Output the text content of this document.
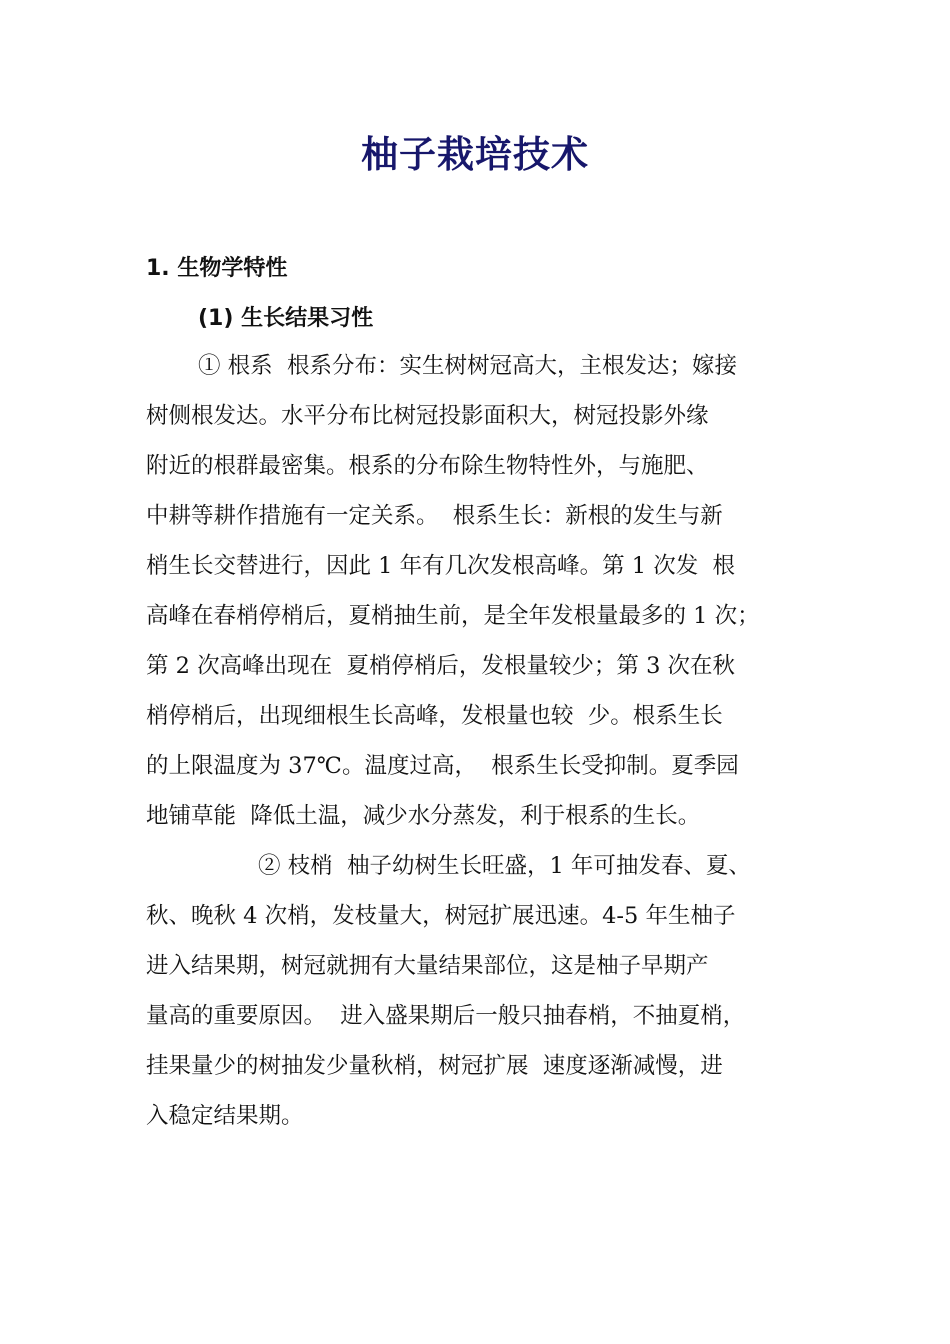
柚子栽培技术
1. 生物学特性
(1) 生长结果习性

① 根系  根系分布：实生树树冠高大，主根发达；嫁接

树侧根发达。水平分布比树冠投影面积大，树冠投影外缘

附近的根群最密集。根系的分布除生物特性外，与施肥、

中耕等耕作措施有一定关系。  根系生长：新根的发生与新

梢生长交替进行，因此 1 年有几次发根高峰。第 1 次发  根

高峰在春梢停梢后，夏梢抽生前，是全年发根量最多的 1 次；

第 2 次高峰出现在  夏梢停梢后，发根量较少；第 3 次在秋

梢停梢后，出现细根生长高峰，发根量也较  少。根系生长

的上限温度为 37℃。温度过高，  根系生长受抑制。夏季园

地铺草能  降低土温，减少水分蒸发，利于根系的生长。

② 枝梢  柚子幼树生长旺盛，1 年可抽发春、夏、

秋、晚秋 4 次梢，发枝量大，树冠扩展迅速。4-5 年生柚子

进入结果期，树冠就拥有大量结果部位，这是柚子早期产

量高的重要原因。  进入盛果期后一般只抽春梢，不抽夏梢，

挂果量少的树抽发少量秋梢，树冠扩展  速度逐渐减慢，进

入稳定结果期。
